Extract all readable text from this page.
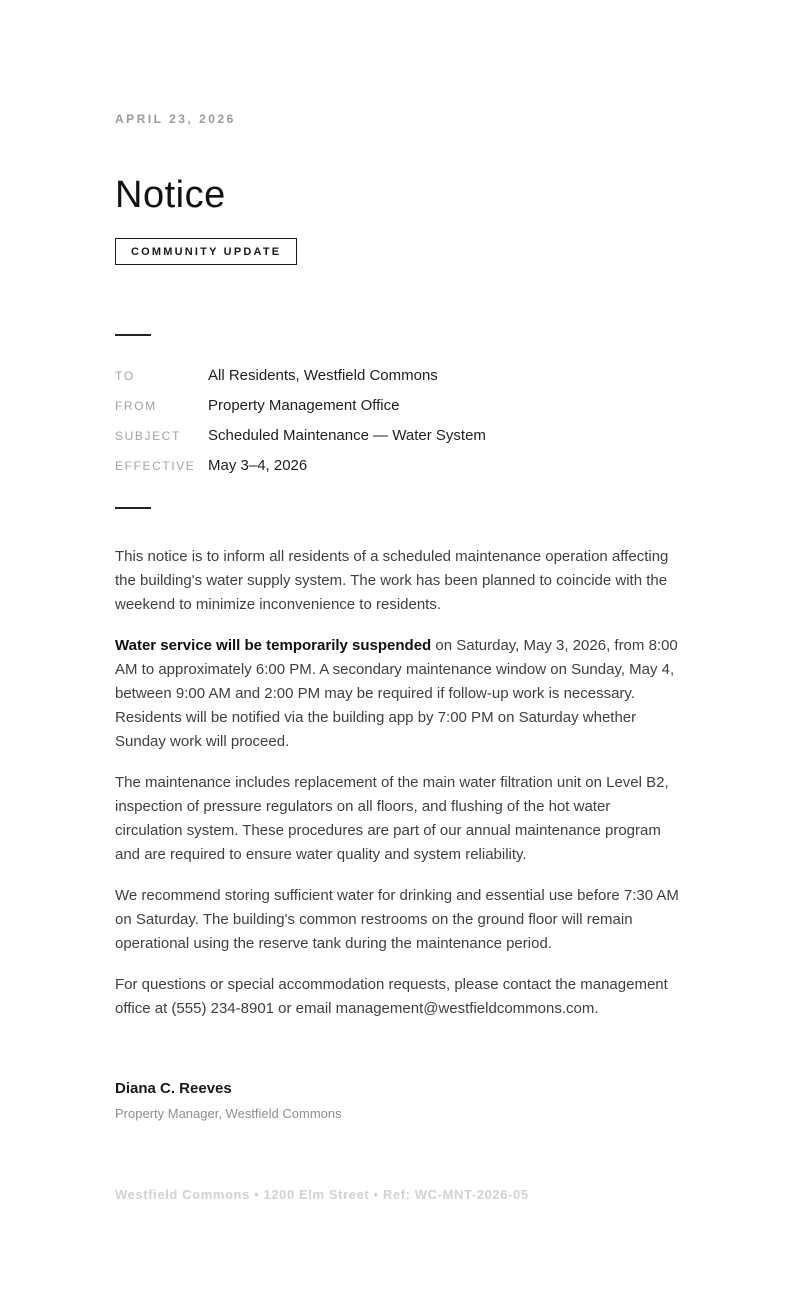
APRIL 23, 2026
Notice
COMMUNITY UPDATE
TO	All Residents, Westfield Commons
FROM	Property Management Office
SUBJECT	Scheduled Maintenance — Water System
EFFECTIVE May 3–4, 2026

This notice is to inform all residents of a scheduled maintenance operation affecting the building's water supply system. The work has been planned to coincide with the weekend to minimize inconvenience to residents.

Water service will be temporarily suspended on Saturday, May 3, 2026, from 8:00 AM to approximately 6:00 PM. A secondary maintenance window on Sunday, May 4, between 9:00 AM and 2:00 PM may be required if follow-up work is necessary. Residents will be notified via the building app by 7:00 PM on Saturday whether Sunday work will proceed.

The maintenance includes replacement of the main water filtration unit on Level B2, inspection of pressure regulators on all floors, and flushing of the hot water circulation system. These procedures are part of our annual maintenance program and are required to ensure water quality and system reliability.

We recommend storing sufficient water for drinking and essential use before 7:30 AM on Saturday. The building's common restrooms on the ground floor will remain operational using the reserve tank during the maintenance period.

For questions or special accommodation requests, please contact the management office at (555) 234-8901 or email management@westfieldcommons.com.

Diana C. Reeves
Property Manager, Westfield Commons
Westfield Commons • 1200 Elm Street • Ref: WC-MNT-2026-05
